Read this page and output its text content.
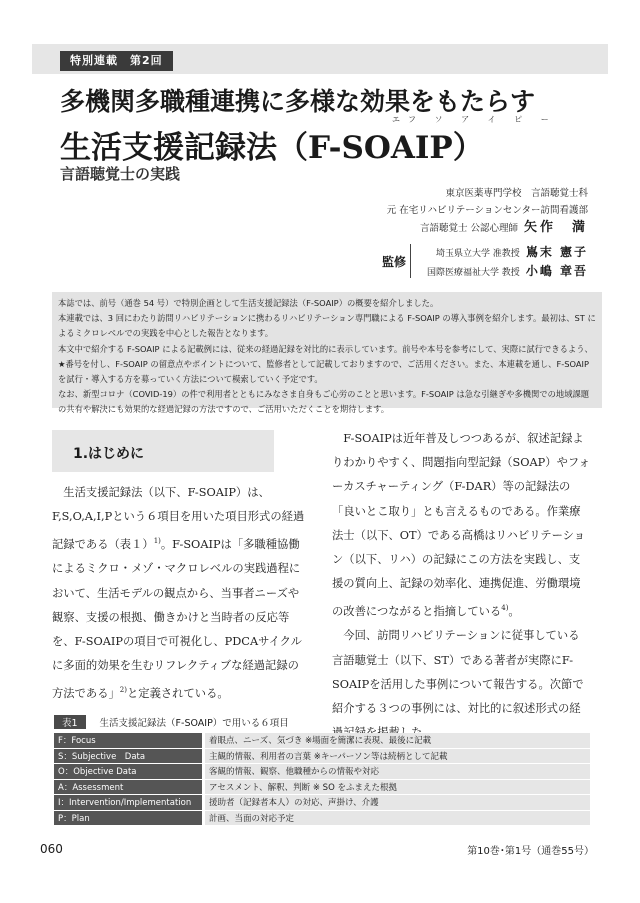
特別連載　第2回
多機関多職種連携に多様な効果をもたらす
エフ ソ ア イ ピ ー
生活支援記録法（F-SOAIP）
言語聴覚士の実践
東京医薬専門学校　言語聴覚士科
元 在宅リハビリテーションセンター訪問看護部
言語聴覚士 公認心理師 矢作　満
監修
埼玉県立大学 准教授 嶌末 憲子
国際医療福祉大学 教授 小嶋 章吾

本誌では、前号（通巻 54 号）で特別企画として生活支援記録法（F-SOAIP）の概要を紹介しました。

本連載では、3 回にわたり訪問リハビリテーションに携わるリハビリテーション専門職による F-SOAIP の導入事例を紹介します。最初は、ST によるミクロレベルでの実践を中心とした報告となります。

本文中で紹介する F-SOAIP による記載例には、従来の経過記録を対比的に表示しています。前号や本号を参考にして、実際に試行できるよう、★番号を付し、F-SOAIP の留意点やポイントについて、監修者として記載しておりますので、ご活用ください。また、本連載を通し、F-SOAIP を試行・導入する方を募っていく方法について模索していく予定です。

なお、新型コロナ（COVID-19）の件で利用者とともにみなさま自身もご心労のことと思います。F-SOAIP は急な引継ぎや多機関での地域課題の共有や解決にも効果的な経過記録の方法ですので、ご活用いただくことを期待します。

1.はじめに

生活支援記録法（以下、F-SOAIP）は、F,S,O,A,I,Pという６項目を用いた項目形式の経過記録である（表１）$^{1)}$。F-SOAIPは「多職種協働によるミクロ・メゾ・マクロレベルの実践過程において、生活モデルの観点から、当事者ニーズや観察、支援の根拠、働きかけと当時者の反応等を、F-SOAIPの項目で可視化し、PDCAサイクルに多面的効果を生むリフレクティブな経過記録の方法である」$^{2)}$と定義されている。

F-SOAIPは近年普及しつつあるが、叙述記録よりわかりやすく、問題指向型記録（SOAP）やフォーカスチャーティング（F-DAR）等の記録法の「良いとこ取り」とも言えるものである。作業療法士（以下、OT）である高橋はリハビリテーション（以下、リハ）の記録にこの方法を実践し、支援の質向上、記録の効率化、連携促進、労働環境の改善につながると指摘している$^{4)}$。

今回、訪問リハビリテーションに従事している言語聴覚士（以下、ST）である著者が実際にF-SOAIPを活用した事例について報告する。次節で紹介する３つの事例には、対比的に叙述形式の経

表1 生活支援記録法（F-SOAIP）で用いる６項目
F：Focus	着眼点、ニーズ、気づき ※場面を簡潔に表現、最後に記載
S：Subjective　Data	主観的情報、利用者の言葉 ※キーパーソン等は続柄として記載
O：Objective Data	客観的情報、観察、他職種からの情報や対応
A：Assessment	アセスメント、解釈、判断 ※ SO をふまえた根拠
I：Intervention/Implementation	援助者（記録者本人）の対応、声掛け、介護
P：Plan	計画、当面の対応予定
060	第10巻･第1号（通巻55号）
